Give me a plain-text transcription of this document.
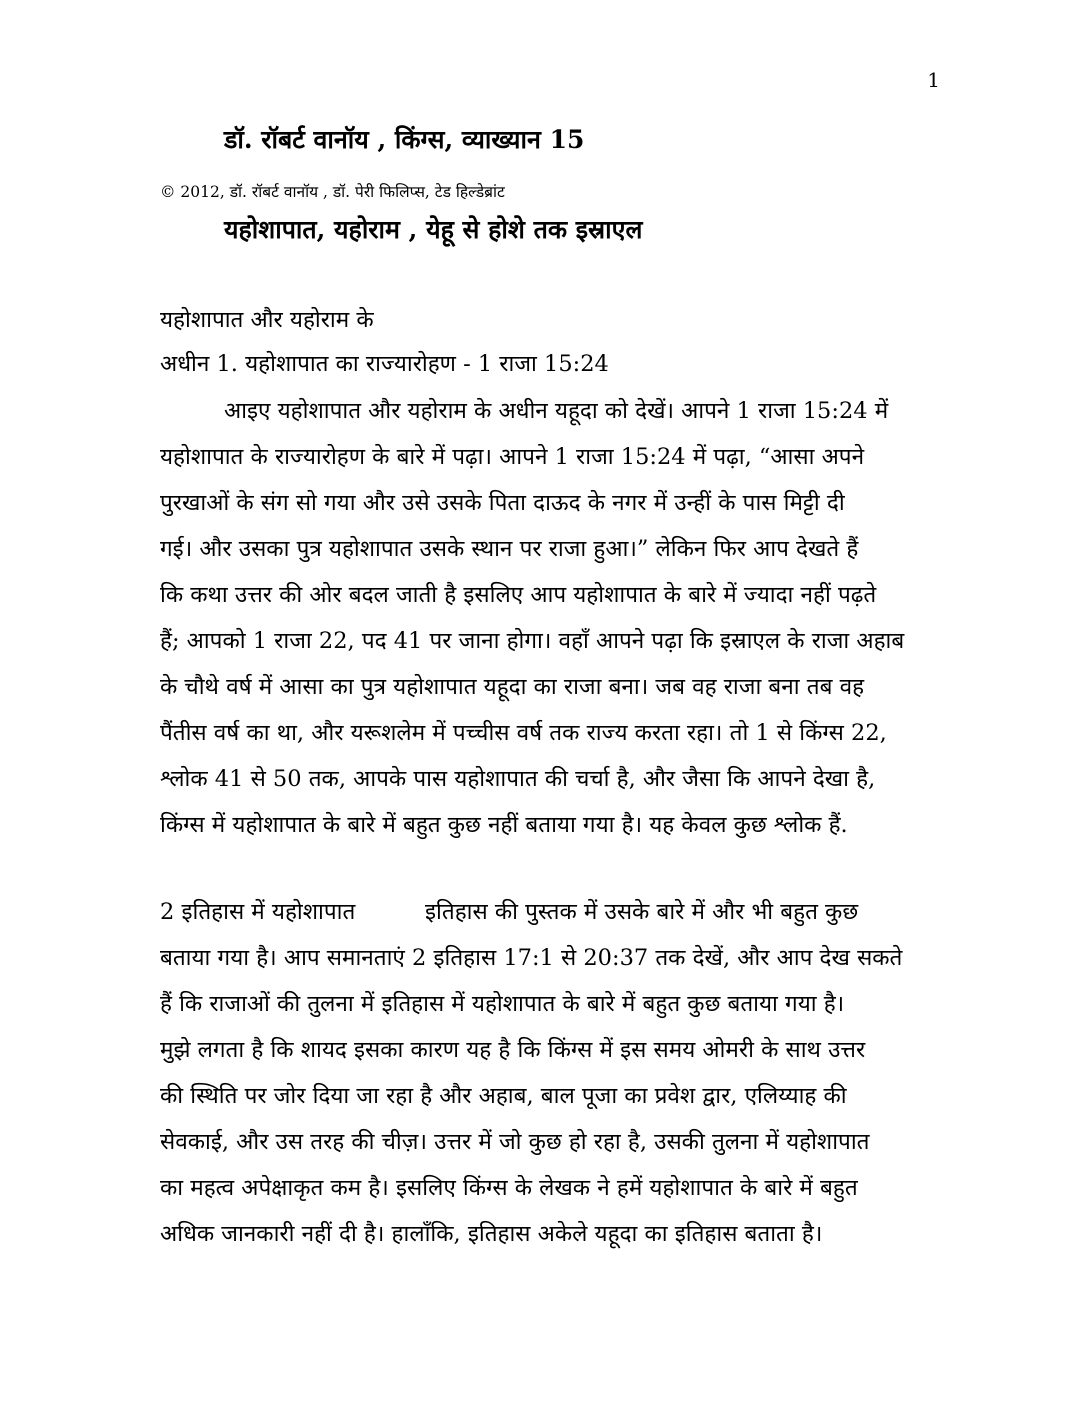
1
डॉ. रॉबर्ट वानॉय , किंग्स, व्याख्यान 15
© 2012, डॉ. रॉबर्ट वानॉय , डॉ. पेरी फिलिप्स, टेड हिल्डेब्रांट
यहोशापात, यहोराम , येहू से होशे तक इस्राएल
यहोशापात और यहोराम के
अधीन 1. यहोशापात का राज्यारोहण - 1 राजा 15:24
आइए यहोशापात और यहोराम के अधीन यहूदा को देखें। आपने 1 राजा 15:24 में
यहोशापात के राज्यारोहण के बारे में पढ़ा। आपने 1 राजा 15:24 में पढ़ा, “आसा अपने
पुरखाओं के संग सो गया और उसे उसके पिता दाऊद के नगर में उन्हीं के पास मिट्टी दी
गई। और उसका पुत्र यहोशापात उसके स्थान पर राजा हुआ।” लेकिन फिर आप देखते हैं
कि कथा उत्तर की ओर बदल जाती है इसलिए आप यहोशापात के बारे में ज्यादा नहीं पढ़ते
हैं; आपको 1 राजा 22, पद 41 पर जाना होगा। वहाँ आपने पढ़ा कि इस्राएल के राजा अहाब
के चौथे वर्ष में आसा का पुत्र यहोशापात यहूदा का राजा बना। जब वह राजा बना तब वह
पैंतीस वर्ष का था, और यरूशलेम में पच्चीस वर्ष तक राज्य करता रहा। तो 1 से किंग्स 22,
श्लोक 41 से 50 तक, आपके पास यहोशापात की चर्चा है, और जैसा कि आपने देखा है,
किंग्स में यहोशापात के बारे में बहुत कुछ नहीं बताया गया है। यह केवल कुछ श्लोक हैं.
2 इतिहास में यहोशापात	इतिहास की पुस्तक में उसके बारे में और भी बहुत कुछ
बताया गया है। आप समानताएं 2 इतिहास 17:1 से 20:37 तक देखें, और आप देख सकते
हैं कि राजाओं की तुलना में इतिहास में यहोशापात के बारे में बहुत कुछ बताया गया है।
मुझे लगता है कि शायद इसका कारण यह है कि किंग्स में इस समय ओमरी के साथ उत्तर
की स्थिति पर जोर दिया जा रहा है और अहाब, बाल पूजा का प्रवेश द्वार, एलिय्याह की
सेवकाई, और उस तरह की चीज़। उत्तर में जो कुछ हो रहा है, उसकी तुलना में यहोशापात
का महत्व अपेक्षाकृत कम है। इसलिए किंग्स के लेखक ने हमें यहोशापात के बारे में बहुत
अधिक जानकारी नहीं दी है। हालाँकि, इतिहास अकेले यहूदा का इतिहास बताता है।
